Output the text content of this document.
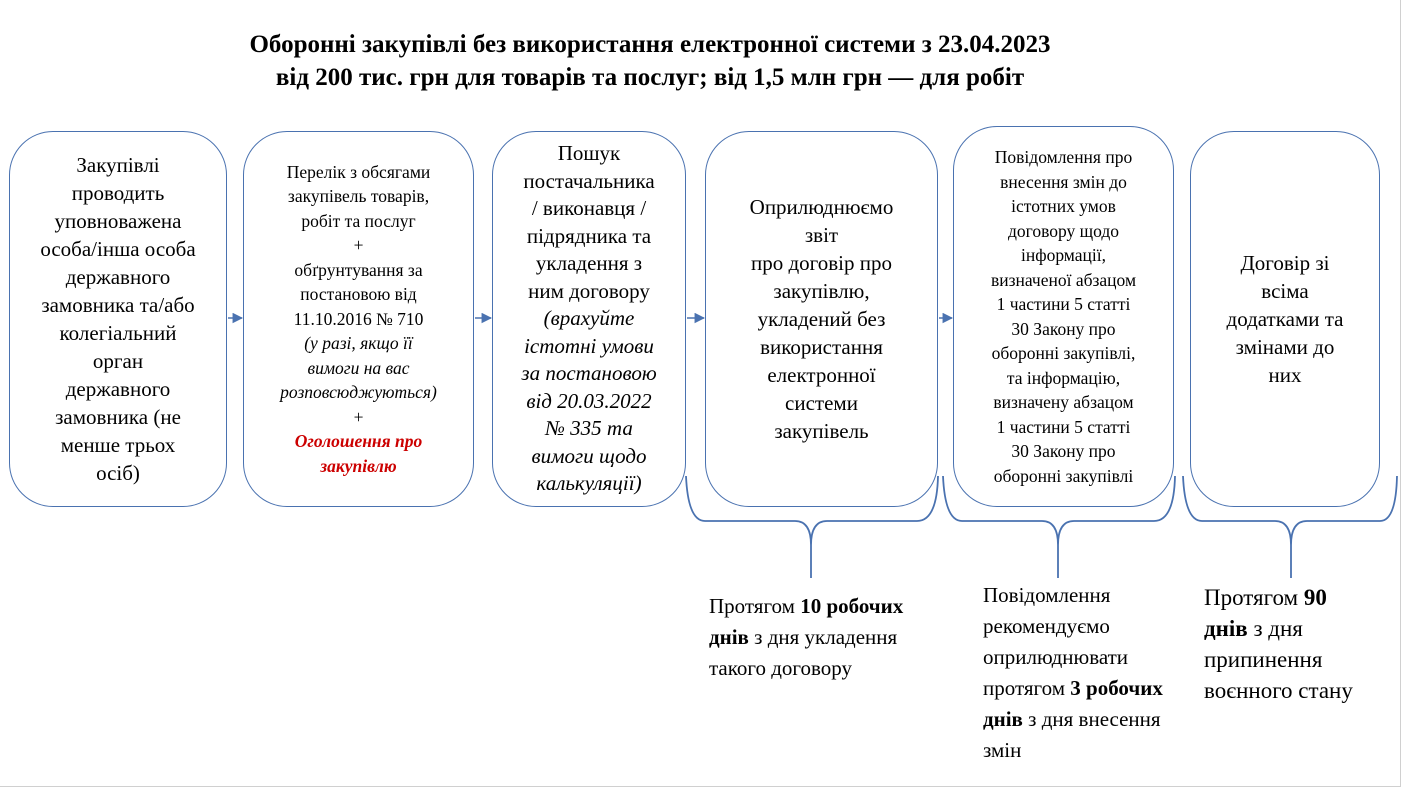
Оборонні закупівлі без використання електронної системи з 23.04.2023
від 200 тис. грн для товарів та послуг; від 1,5 млн грн — для робіт
Закупівлі
проводить
уповноважена
особа/інша особа
державного
замовника та/або
колегіальний
орган
державного
замовника (не
менше трьох
осіб)
Перелік з обсягами
закупівель товарів,
робіт та послуг
+
обґрунтування за
постановою від
11.10.2016 № 710
(у разі, якщо її
вимоги на вас
розповсюджуються)
+
Оголошення про
закупівлю
Пошук
постачальника
/ виконавця /
підрядника та
укладення з
ним договору
(врахуйте
істотні умови
за постановою
від 20.03.2022
№ 335 та
вимоги щодо
калькуляції)
Оприлюднюємо
звіт
про договір про
закупівлю,
укладений без
використання
електронної
системи
закупівель
Повідомлення про
внесення змін до
істотних умов
договору щодо
інформації,
визначеної абзацом
1 частини 5 статті
30 Закону про
оборонні закупівлі,
та інформацію,
визначену абзацом
1 частини 5 статті
30 Закону про
оборонні закупівлі
Договір зі
всіма
додатками та
змінами до
них
Протягом 10 робочих днів з дня укладення такого договору
Повідомлення рекомендуємо оприлюднювати протягом 3 робочих днів з дня внесення змін
Протягом 90 днів з дня припинення воєнного стану
